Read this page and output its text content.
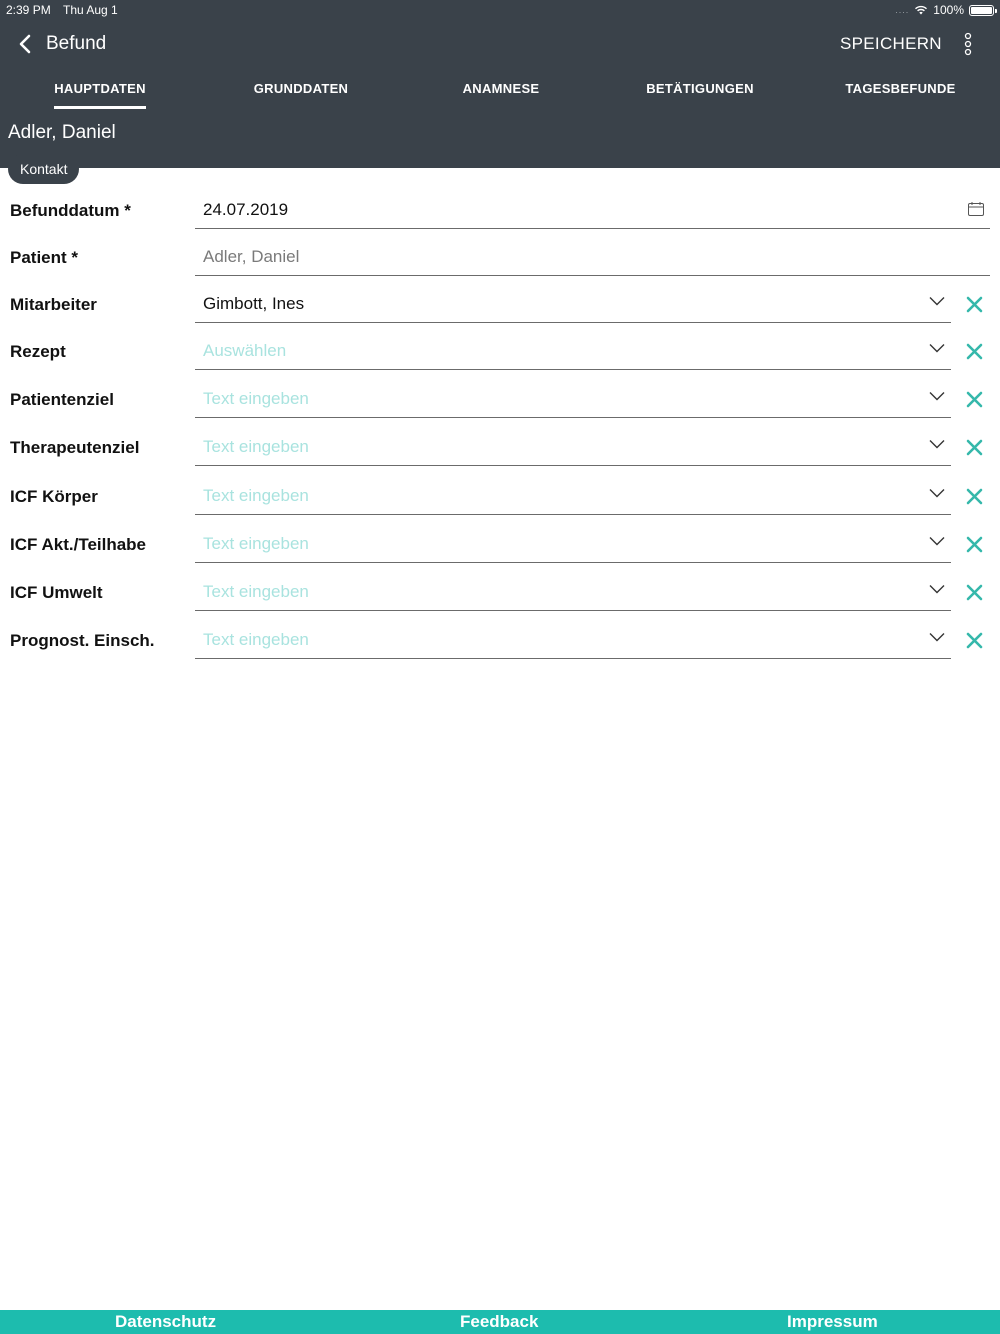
2:39 PM Thu Aug 1	.... 100%
Befund	SPEICHERN
HAUPTDATEN	GRUNDDATEN	ANAMNESE	BETÄTIGUNGEN	TAGESBEFUNDE
Adler, Daniel
Kontakt
Befunddatum *	24.07.2019
Patient *	Adler, Daniel
Mitarbeiter	Gimbott, Ines
Rezept	Auswählen
Patientenziel	Text eingeben
Therapeutenziel	Text eingeben
ICF Körper	Text eingeben
ICF Akt./Teilhabe	Text eingeben
ICF Umwelt	Text eingeben
Prognost. Einsch.	Text eingeben
Datenschutz	Feedback	Impressum
